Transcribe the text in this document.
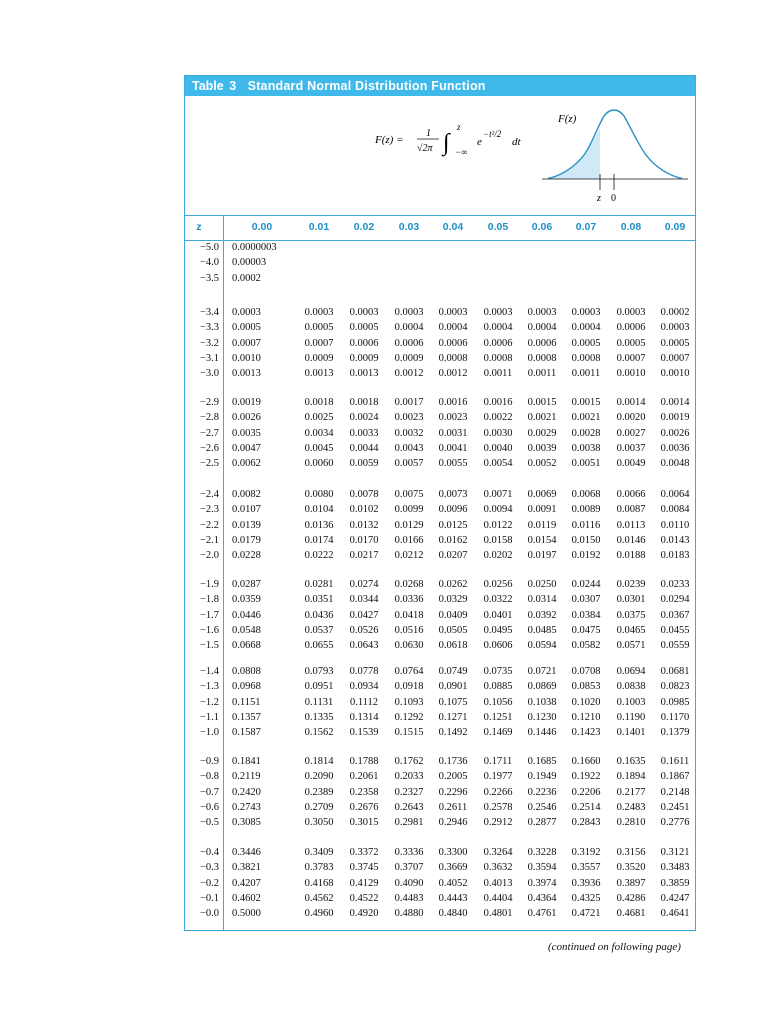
Table 3 Standard Normal Distribution Function
F(z) =
1
√2π ∫
z
−∞
e
−t²/2
dt
F(z)
z 0
z	0.00	0.01	0.02	0.03	0.04	0.05	0.06	0.07	0.08	0.09
−5.0 0.0000003
−4.0 0.00003
−3.5 0.0002
−3.4 0.0003	0.0003	0.0003	0.0003	0.0003	0.0003	0.0003	0.0003	0.0003	0.0002
−3.3 0.0005	0.0005	0.0005	0.0004	0.0004	0.0004	0.0004	0.0004	0.0006	0.0003
−3.2 0.0007	0.0007	0.0006	0.0006	0.0006	0.0006	0.0006	0.0005	0.0005	0.0005
−3.1 0.0010	0.0009	0.0009	0.0009	0.0008	0.0008	0.0008	0.0008	0.0007	0.0007
−3.0 0.0013	0.0013	0.0013	0.0012	0.0012	0.0011	0.0011	0.0011	0.0010	0.0010
−2.9 0.0019	0.0018	0.0018	0.0017	0.0016	0.0016	0.0015	0.0015	0.0014	0.0014
−2.8 0.0026	0.0025	0.0024	0.0023	0.0023	0.0022	0.0021	0.0021	0.0020	0.0019
−2.7 0.0035	0.0034	0.0033	0.0032	0.0031	0.0030	0.0029	0.0028	0.0027	0.0026
−2.6 0.0047	0.0045	0.0044	0.0043	0.0041	0.0040	0.0039	0.0038	0.0037	0.0036
−2.5 0.0062	0.0060	0.0059	0.0057	0.0055	0.0054	0.0052	0.0051	0.0049	0.0048
−2.4 0.0082	0.0080	0.0078	0.0075	0.0073	0.0071	0.0069	0.0068	0.0066	0.0064
−2.3 0.0107	0.0104	0.0102	0.0099	0.0096	0.0094	0.0091	0.0089	0.0087	0.0084
−2.2 0.0139	0.0136	0.0132	0.0129	0.0125	0.0122	0.0119	0.0116	0.0113	0.0110
−2.1 0.0179	0.0174	0.0170	0.0166	0.0162	0.0158	0.0154	0.0150	0.0146	0.0143
−2.0 0.0228	0.0222	0.0217	0.0212	0.0207	0.0202	0.0197	0.0192	0.0188	0.0183
−1.9 0.0287	0.0281	0.0274	0.0268	0.0262	0.0256	0.0250	0.0244	0.0239	0.0233
−1.8 0.0359	0.0351	0.0344	0.0336	0.0329	0.0322	0.0314	0.0307	0.0301	0.0294
−1.7 0.0446	0.0436	0.0427	0.0418	0.0409	0.0401	0.0392	0.0384	0.0375	0.0367
−1.6 0.0548	0.0537	0.0526	0.0516	0.0505	0.0495	0.0485	0.0475	0.0465	0.0455
−1.5 0.0668	0.0655	0.0643	0.0630	0.0618	0.0606	0.0594	0.0582	0.0571	0.0559
−1.4 0.0808	0.0793	0.0778	0.0764	0.0749	0.0735	0.0721	0.0708	0.0694	0.0681
−1.3 0.0968	0.0951	0.0934	0.0918	0.0901	0.0885	0.0869	0.0853	0.0838	0.0823
−1.2 0.1151	0.1131	0.1112	0.1093	0.1075	0.1056	0.1038	0.1020	0.1003	0.0985
−1.1 0.1357	0.1335	0.1314	0.1292	0.1271	0.1251	0.1230	0.1210	0.1190	0.1170
−1.0 0.1587	0.1562	0.1539	0.1515	0.1492	0.1469	0.1446	0.1423	0.1401	0.1379
−0.9 0.1841	0.1814	0.1788	0.1762	0.1736	0.1711	0.1685	0.1660	0.1635	0.1611
−0.8 0.2119	0.2090	0.2061	0.2033	0.2005	0.1977	0.1949	0.1922	0.1894	0.1867
−0.7 0.2420	0.2389	0.2358	0.2327	0.2296	0.2266	0.2236	0.2206	0.2177	0.2148
−0.6 0.2743	0.2709	0.2676	0.2643	0.2611	0.2578	0.2546	0.2514	0.2483	0.2451
−0.5 0.3085	0.3050	0.3015	0.2981	0.2946	0.2912	0.2877	0.2843	0.2810	0.2776
−0.4 0.3446	0.3409	0.3372	0.3336	0.3300	0.3264	0.3228	0.3192	0.3156	0.3121
−0.3 0.3821	0.3783	0.3745	0.3707	0.3669	0.3632	0.3594	0.3557	0.3520	0.3483
−0.2 0.4207	0.4168	0.4129	0.4090	0.4052	0.4013	0.3974	0.3936	0.3897	0.3859
−0.1 0.4602	0.4562	0.4522	0.4483	0.4443	0.4404	0.4364	0.4325	0.4286	0.4247
−0.0 0.5000	0.4960	0.4920	0.4880	0.4840	0.4801	0.4761	0.4721	0.4681	0.4641
(continued on following page)
